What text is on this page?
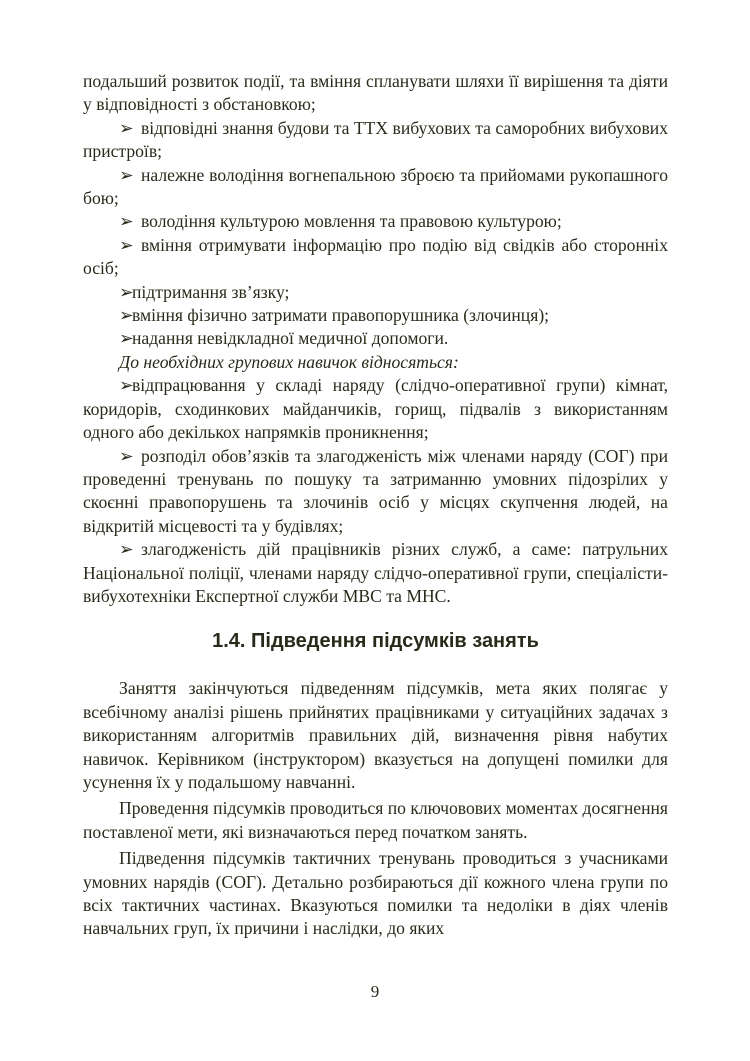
подальший розвиток події, та вміння спланувати шляхи її вирішення та діяти у відповідності з обстановкою;

➢ відповідні знання будови та ТТХ вибухових та саморобних вибухових пристроїв;

➢ належне володіння вогнепальною зброєю та прийомами рукопашного бою;

➢ володіння культурою мовлення та правовою культурою;

➢ вміння отримувати інформацію про подію від свідків або сторонніх осіб;

➢підтримання зв’язку;

➢вміння фізично затримати правопорушника (злочинця);

➢надання невідкладної медичної допомоги.

До необхідних групових навичок відносяться:

➢відпрацювання у складі наряду (слідчо-оперативної групи) кімнат, коридорів, сходинкових майданчиків, горищ, підвалів з використанням одного або декількох напрямків проникнення;

➢ розподіл обов’язків та злагодженість між членами наряду (СОГ) при проведенні тренувань по пошуку та затриманню умовних підозрілих у скоєнні правопорушень та злочинів осіб у місцях скупчення людей, на відкритій місцевості та у будівлях;

➢ злагодженість дій працівників різних служб, а саме: патрульних Національної поліції, членами наряду слідчо-оперативної групи, спеціалісти- вибухотехніки Експертної служби МВС та МНС.

1.4. Підведення підсумків занять

Заняття закінчуються підведенням підсумків, мета яких полягає у всебічному аналізі рішень прийнятих працівниками у ситуаційних задачах з використанням алгоритмів правильних дій, визначення рівня набутих навичок. Керівником (інструктором) вказується на допущені помилки для усунення їх у подальшому навчанні.

Проведення підсумків проводиться по ключовових моментах досягнення поставленої мети, які визначаються перед початком занять.

Підведення підсумків тактичних тренувань проводиться з учасниками умовних нарядів (СОГ). Детально розбираються дії кожного члена групи по всіх тактичних частинах. Вказуються помилки та недоліки в діях членів навчальних груп, їх причини і наслідки, до яких

9
